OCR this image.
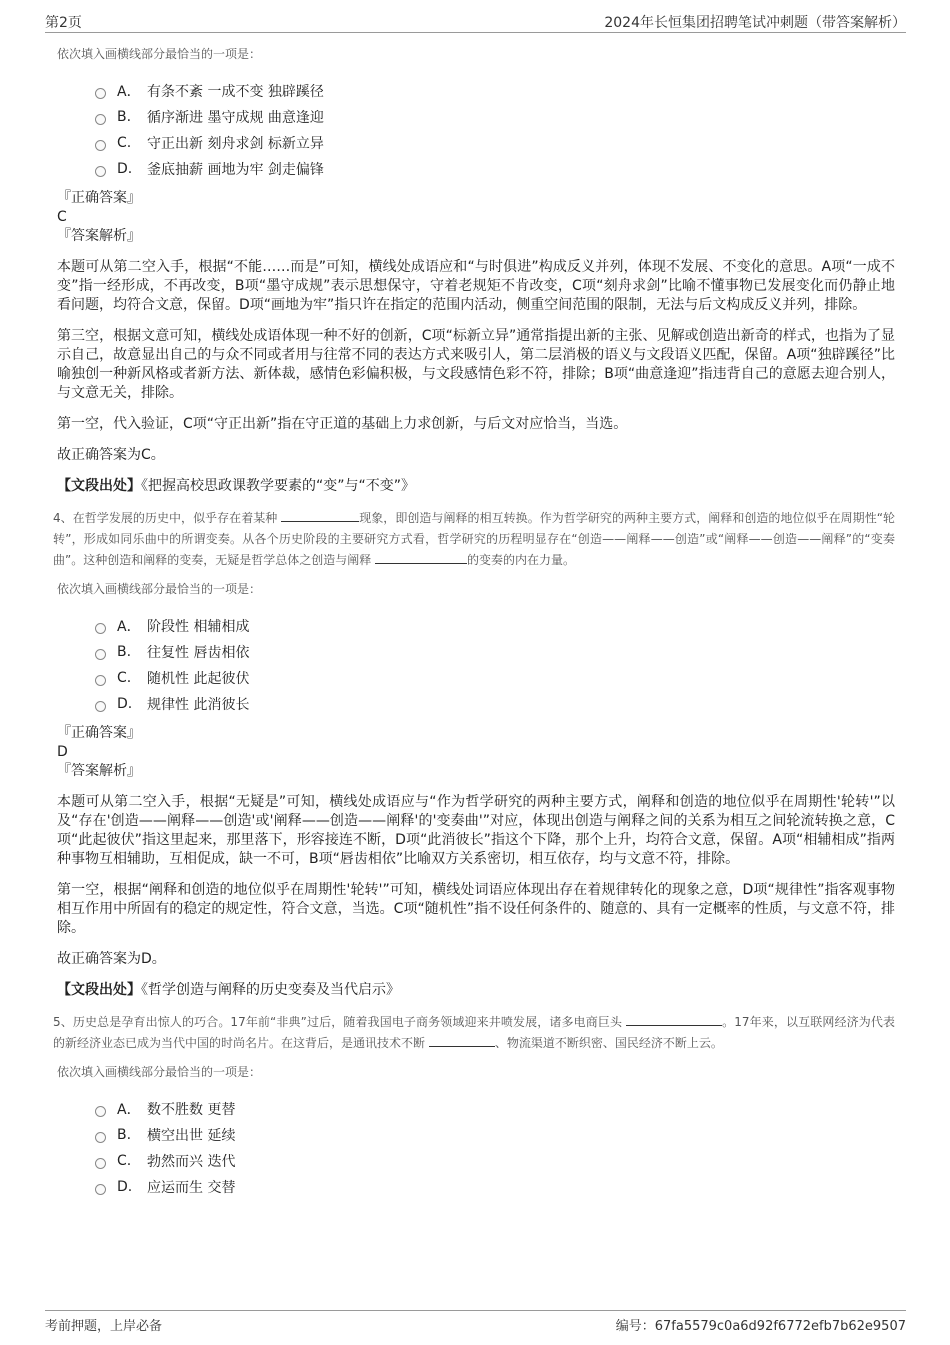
第2页	2024年长恒集团招聘笔试冲刺题（带答案解析）

依次填入画横线部分最恰当的一项是：

A． 有条不紊 一成不变 独辟蹊径
B.	循序渐进 墨守成规 曲意逢迎
C.	守正出新 刻舟求剑 标新立异
D.	釜底抽薪 画地为牢 剑走偏锋
『正确答案』
C
『答案解析』

本题可从第二空入手，根据“不能……而是”可知，横线处成语应和“与时俱进”构成反义并列，体现不发展、不变化的意思。A项“一成不变”指一经形成，不再改变，B项“墨守成规”表示思想保守，守着老规矩不肯改变，C项“刻舟求剑”比喻不懂事物已发展变化而仍静止地看问题，均符合文意，保留。D项“画地为牢”指只许在指定的范围内活动，侧重空间范围的限制，无法与后文构成反义并列，排除。

第三空，根据文意可知，横线处成语体现一种不好的创新，C项“标新立异”通常指提出新的主张、见解或创造出新奇的样式，也指为了显示自己，故意显出自己的与众不同或者用与往常不同的表达方式来吸引人，第二层消极的语义与文段语义匹配，保留。A项“独辟蹊径”比喻独创一种新风格或者新方法、新体裁，感情色彩偏积极，与文段感情色彩不符，排除；B项“曲意逢迎”指违背自己的意愿去迎合别人，与文意无关，排除。

第一空，代入验证，C项“守正出新”指在守正道的基础上力求创新，与后文对应恰当，当选。

故正确答案为C。

【文段出处】《把握高校思政课教学要素的“变”与“不变”》

4、在哲学发展的历史中，似乎存在着某种	现象，即创造与阐释的相互转换。作为哲学研究的两种主要方式，阐释和创造的地位似乎在周期性“轮转”，形成如同乐曲中的所谓变奏。从各个历史阶段的主要研究方式看，哲学研究的历程明显存在“创造——阐释——创造”或“阐释——创造——阐释”的“变奏曲”。这种创造和阐释的变奏，无疑是哲学总体之创造与阐释	的变奏的内在力量。

依次填入画横线部分最恰当的一项是：

A． 阶段性 相辅相成
B.	往复性 唇齿相依
C.	随机性 此起彼伏
D.	规律性 此消彼长
『正确答案』
D
『答案解析』

本题可从第二空入手，根据“无疑是”可知，横线处成语应与“作为哲学研究的两种主要方式，阐释和创造的地位似乎在周期性'轮转'”以及“存在'创造——阐释——创造'或'阐释——创造——阐释'的'变奏曲'”对应，体现出创造与阐释之间的关系为相互之间轮流转换之意，C项“此起彼伏”指这里起来，那里落下，形容接连不断，D项“此消彼长”指这个下降，那个上升，均符合文意，保留。A项“相辅相成”指两种事物互相辅助，互相促成，缺一不可，B项“唇齿相依”比喻双方关系密切，相互依存，均与文意不符，排除。

第一空，根据“阐释和创造的地位似乎在周期性'轮转'”可知，横线处词语应体现出存在着规律转化的现象之意，D项“规律性”指客观事物相互作用中所固有的稳定的规定性，符合文意，当选。C项“随机性”指不设任何条件的、随意的、具有一定概率的性质，与文意不符，排除。

故正确答案为D。

【文段出处】《哲学创造与阐释的历史变奏及当代启示》

5、历史总是孕育出惊人的巧合。17年前“非典”过后，随着我国电子商务领域迎来井喷发展，诸多电商巨头	。17年来，以互联网经济为代表的新经济业态已成为当代中国的时尚名片。在这背后，是通讯技术不断	、物流渠道不断织密、国民经济不断上云。

依次填入画横线部分最恰当的一项是：

A． 数不胜数 更替
B.	横空出世 延续
C.	勃然而兴 迭代
D.	应运而生 交替
考前押题，上岸必备	编号：67fa5579c0a6d92f6772efb7b62e9507
